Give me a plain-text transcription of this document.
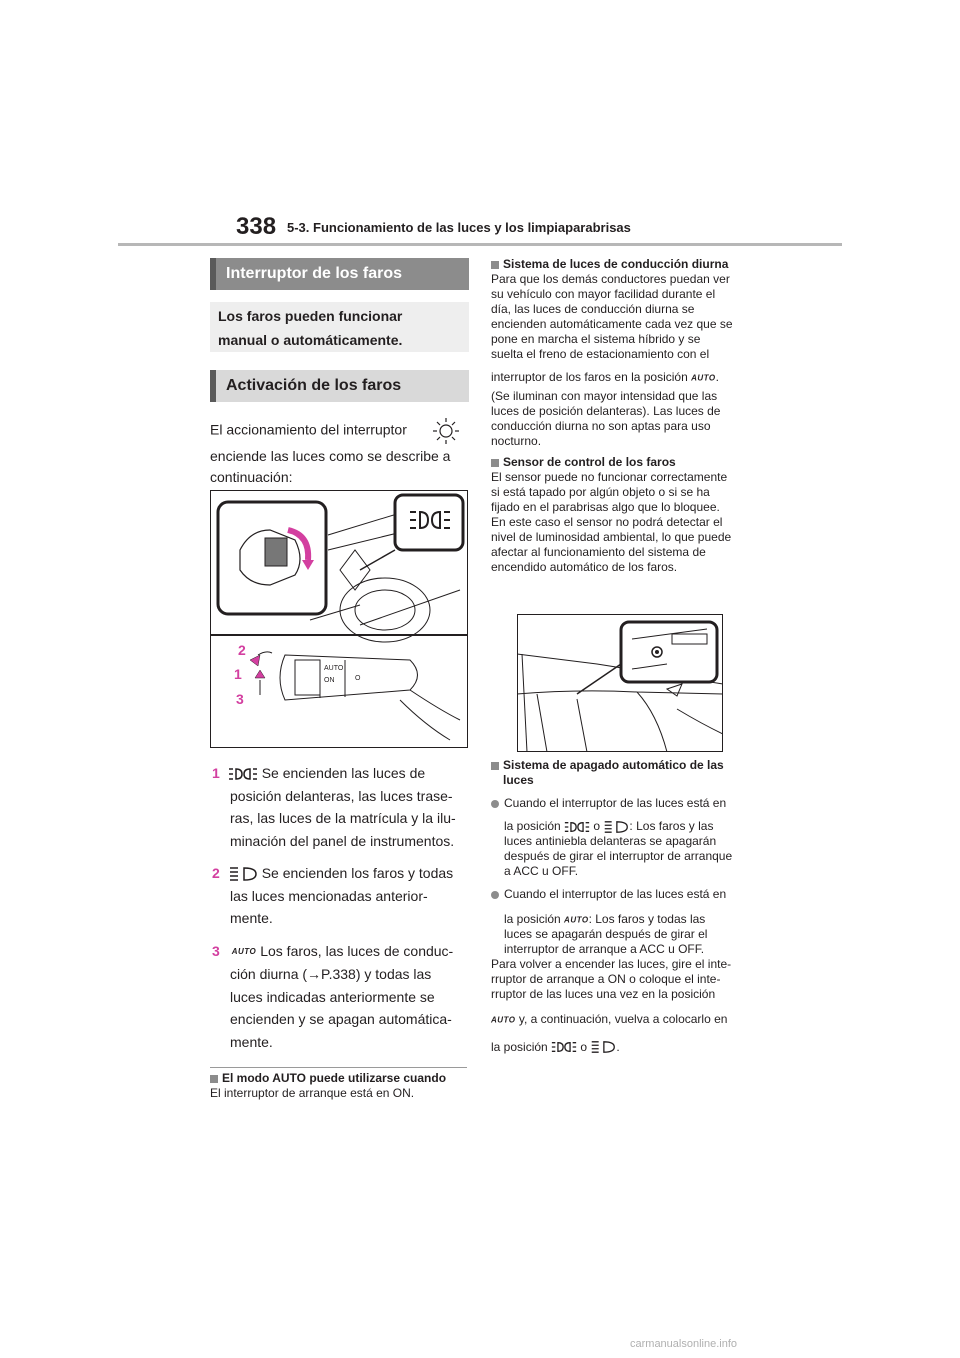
338 5-3. Funcionamiento de las luces y los limpiaparabrisas
Interruptor de los faros
Los faros pueden funcionar
manual o automáticamente.
Activación de los faros
El accionamiento del interruptor
enciende las luces como se describe a
continuación:
AUTO
ON	O
2
1
3
1	Se encienden las luces de
posición delanteras, las luces trase-
ras, las luces de la matrícula y la ilu-
minación del panel de instrumentos.
2	Se encienden los faros y todas
las luces mencionadas anterior-
mente.
3 AUTO Los faros, las luces de conduc-
ción diurna (→P.338) y todas las
luces indicadas anteriormente se
encienden y se apagan automática-
mente.
El modo AUTO puede utilizarse cuando
El interruptor de arranque está en ON.
Sistema de luces de conducción diurna
Para que los demás conductores puedan ver
su vehículo con mayor facilidad durante el
día, las luces de conducción diurna se
encienden automáticamente cada vez que se
pone en marcha el sistema híbrido y se
suelta el freno de estacionamiento con el
interruptor de los faros en la posición AUTO.
(Se iluminan con mayor intensidad que las
luces de posición delanteras). Las luces de
conducción diurna no son aptas para uso
nocturno.
Sensor de control de los faros
El sensor puede no funcionar correctamente
si está tapado por algún objeto o si se ha
fijado en el parabrisas algo que lo bloquee.
En este caso el sensor no podrá detectar el
nivel de luminosidad ambiental, lo que puede
afectar al funcionamiento del sistema de
encendido automático de los faros.
Sistema de apagado automático de las
luces
Cuando el interruptor de las luces está en
la posición	o : Los faros y las
luces antiniebla delanteras se apagarán
después de girar el interruptor de arranque
a ACC u OFF.
Cuando el interruptor de las luces está en
la posición AUTO: Los faros y todas las
luces se apagarán después de girar el
interruptor de arranque a ACC u OFF.
Para volver a encender las luces, gire el inte-
rruptor de arranque a ON o coloque el inte-
rruptor de las luces una vez en la posición
AUTO y, a continuación, vuelva a colocarlo en
la posición	o .
carmanualsonline.info
